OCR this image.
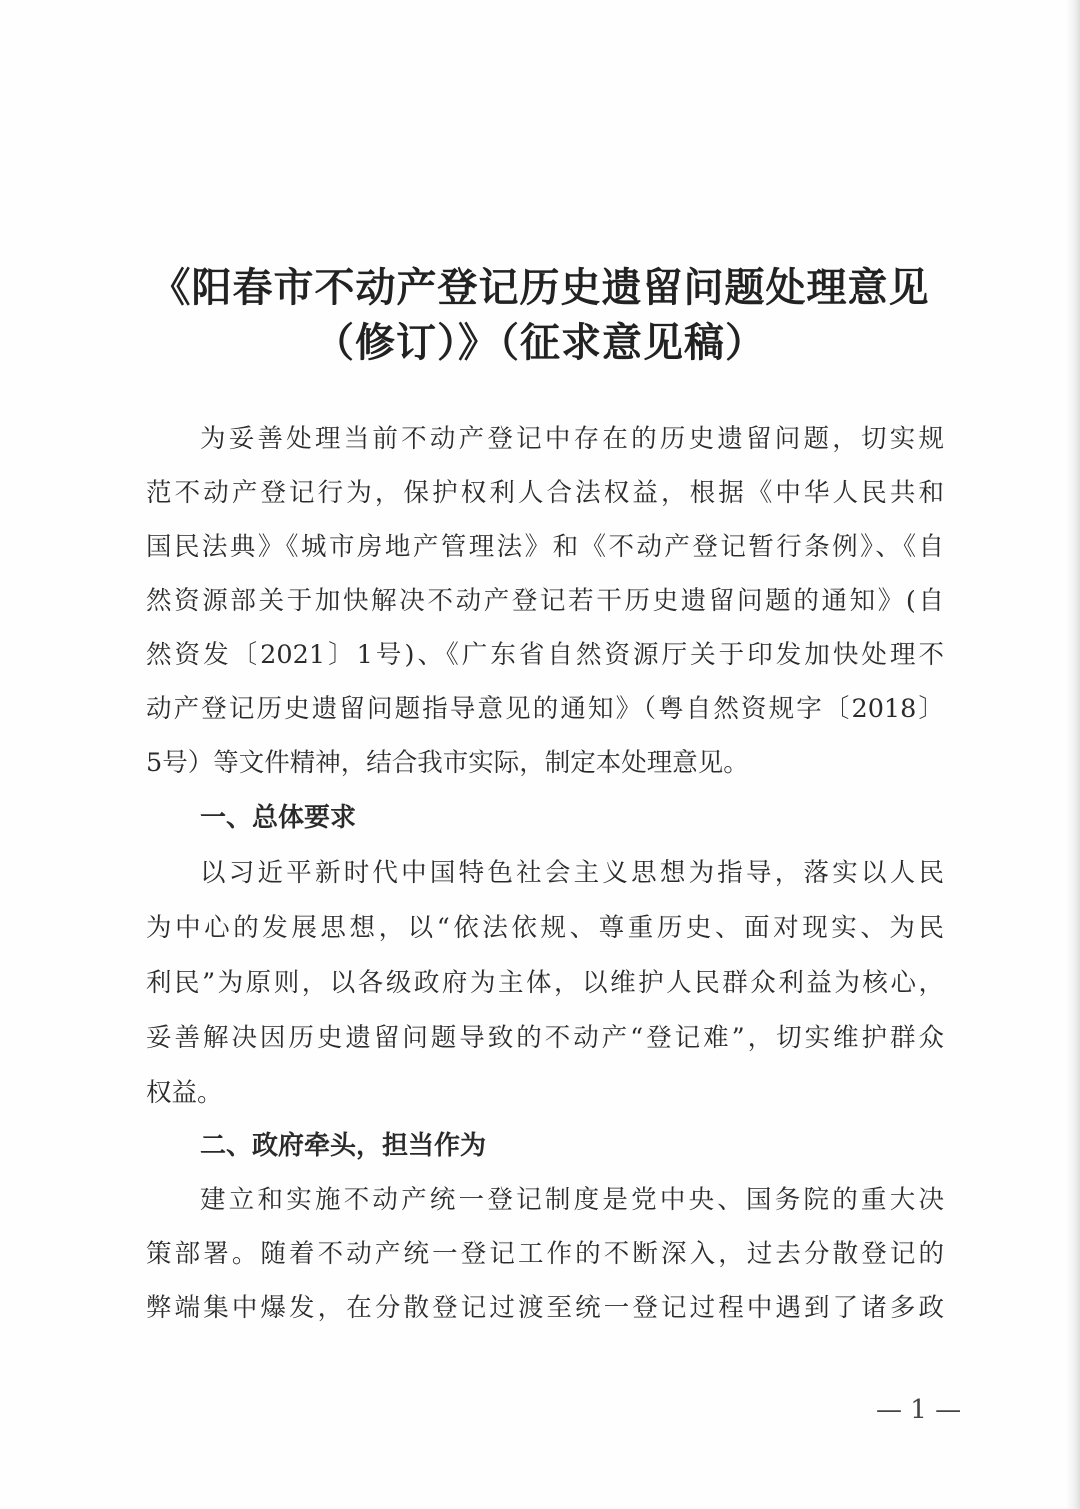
《阳春市不动产登记历史遗留问题处理意见
（修订）》（征求意见稿）
为妥善处理当前不动产登记中存在的历史遗留问题，切实规
范不动产登记行为，保护权利人合法权益，根据《中华人民共和
国民法典》《城市房地产管理法》和《不动产登记暂行条例》、《自
然资源部关于加快解决不动产登记若干历史遗留问题的通知》(自
然资发〔2021〕1号)、《广东省自然资源厅关于印发加快处理不
动产登记历史遗留问题指导意见的通知》（粤自然资规字〔2018〕
5号）等文件精神，结合我市实际，制定本处理意见。
一、总体要求
以习近平新时代中国特色社会主义思想为指导，落实以人民
为中心的发展思想，以“依法依规、尊重历史、面对现实、为民
利民”为原则，以各级政府为主体，以维护人民群众利益为核心，
妥善解决因历史遗留问题导致的不动产“登记难”，切实维护群众
权益。
二、政府牵头，担当作为
建立和实施不动产统一登记制度是党中央、国务院的重大决
策部署。随着不动产统一登记工作的不断深入，过去分散登记的
弊端集中爆发，在分散登记过渡至统一登记过程中遇到了诸多政
— 1 —
